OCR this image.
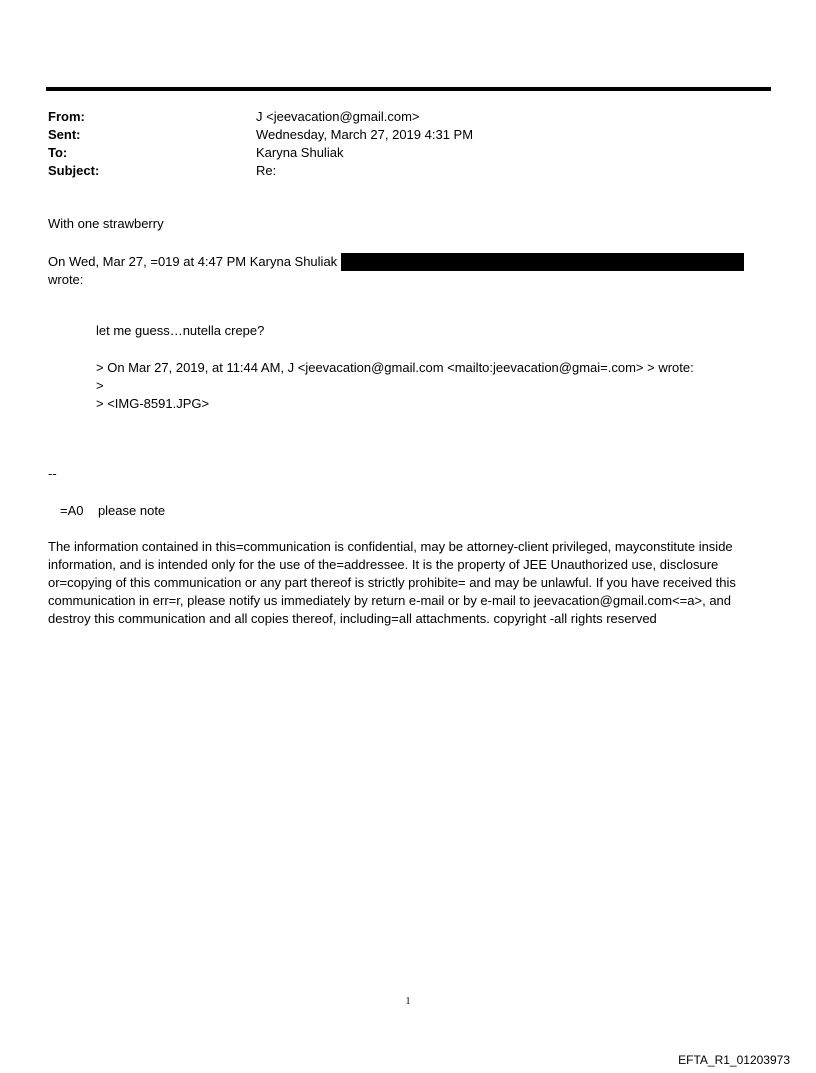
From:	J <jeevacation@gmail.com>
Sent:	Wednesday, March 27, 2019 4:31 PM
To:	Karyna Shuliak
Subject:	Re:

With one strawberry

On Wed, Mar 27, =019 at 4:47 PM Karyna Shuliak
wrote:
let me guess…nutella crepe?
> On Mar 27, 2019, at 11:44 AM, J <jeevacation@gmail.com <mailto:jeevacation@gmai=.com> > wrote:
>
> <IMG-8591.JPG>
--
=A0    please note
The information contained in this=communication is confidential, may be attorney-client privileged, mayconstitute inside information, and is intended only for the use of the=addressee. It is the property of JEE Unauthorized use, disclosure or=copying of this communication or any part thereof is strictly prohibite= and may be unlawful. If you have received this communication in err=r, please notify us immediately by return e-mail or by e-mail to jeevacation@gmail.com<=a>, and destroy this communication and all copies thereof, including=all attachments. copyright -all rights reserved
1
EFTA_R1_01203973
